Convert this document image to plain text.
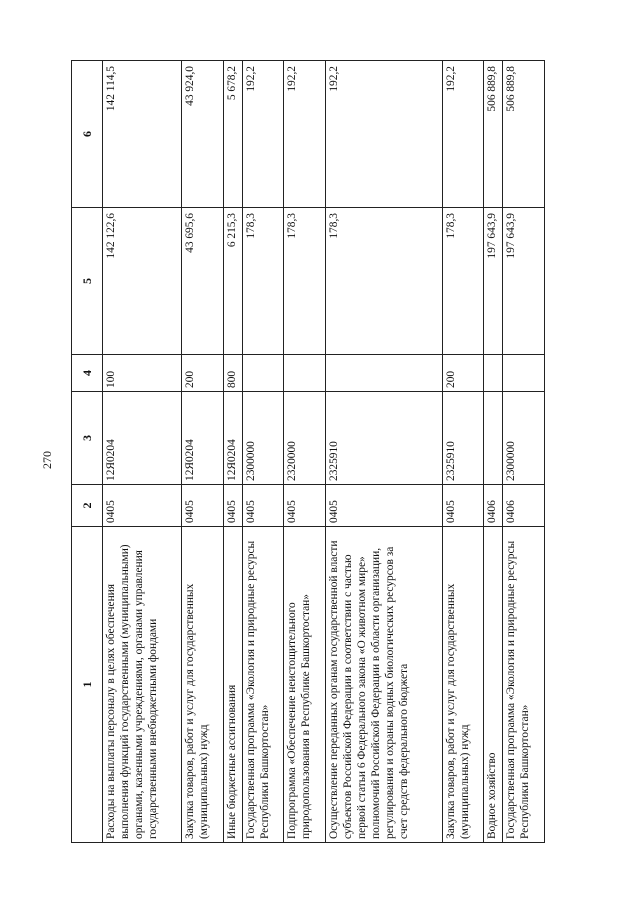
270
1	2	3	4	5	6
Расходы на выплаты персоналу в целях обеспечения выполнения функций государственными (муниципальными) органами, казенными учреждениями, органами управления государственными внебюджетными фондами	0405	12Я0204	100	142 122,6	142 114,5
Закупка товаров, работ и услуг для государственных (муниципальных) нужд	0405	12Я0204	200	43 695,6	43 924,0
Иные бюджетные ассигнования	0405	12Я0204	800	6 215,3	5 678,2
Государственная программа «Экология и природные ресурсы Республики Башкортостан»	0405	2300000		178,3	192,2
Подпрограмма «Обеспечение неистощительного природопользования в Республике Башкортостан»	0405	2320000		178,3	192,2
Осуществление переданных органам государственной власти субъектов Российской Федерации в соответствии с частью первой статьи 6 Федерального закона «О животном мире» полномочий Российской Федерации в области организации, регулирования и охраны водных биологических ресурсов за счет средств федерального бюджета	0405	2325910		178,3	192,2
Закупка товаров, работ и услуг для государственных (муниципальных) нужд	0405	2325910	200	178,3	192,2
Водное хозяйство	0406			197 643,9	506 889,8
Государственная программа «Экология и природные ресурсы Республики Башкортостан»	0406	2300000		197 643,9	506 889,8
